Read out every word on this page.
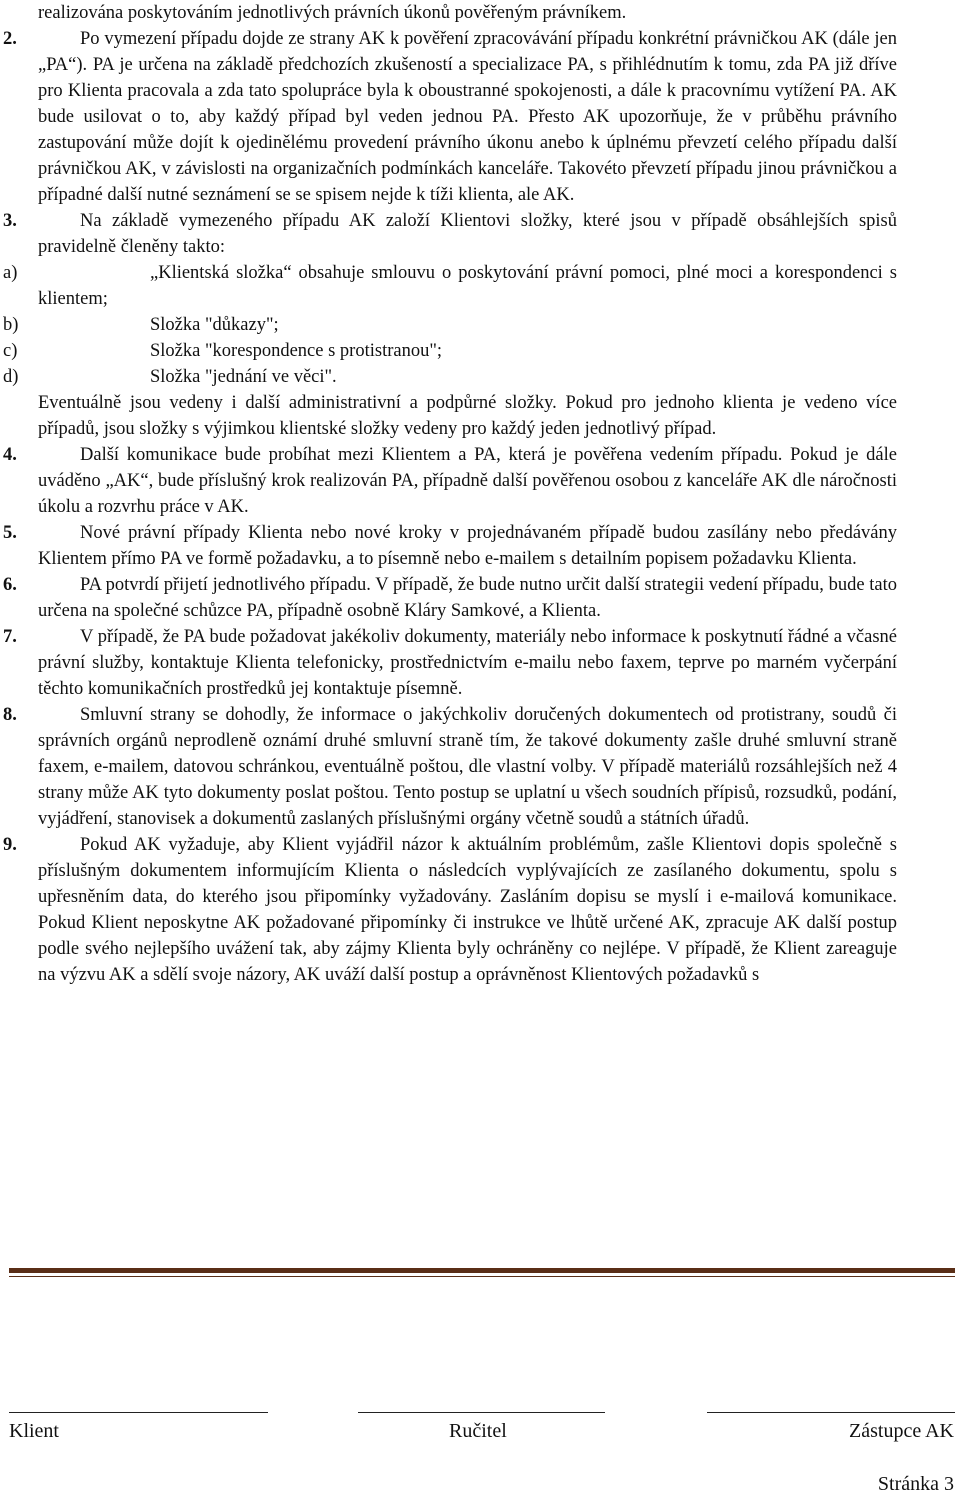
realizována poskytováním jednotlivých právních úkonů pověřeným právníkem.
2.	Po vymezení případu dojde ze strany AK k pověření zpracovávání případu konkrétní právničkou AK (dále jen „PA“). PA je určena na základě předchozích zkušeností a specializace PA, s přihlédnutím k tomu, zda PA již dříve pro Klienta pracovala a zda tato spolupráce byla k oboustranné spokojenosti, a dále k pracovnímu vytížení PA. AK bude usilovat o to, aby každý případ byl veden jednou PA. Přesto AK upozorňuje, že v průběhu právního zastupování může dojít k ojedinělému provedení právního úkonu anebo k úplnému převzetí celého případu další právničkou AK, v závislosti na organizačních podmínkách kanceláře. Takovéto převzetí případu jinou právničkou a případné další nutné seznámení se se spisem nejde k tíži klienta, ale AK.
3.	Na základě vymezeného případu AK založí Klientovi složky, které jsou v případě obsáhlejších spisů pravidelně členěny takto:
a)	„Klientská složka“ obsahuje smlouvu o poskytování právní pomoci, plné moci a korespondenci s klientem;
b)	Složka "důkazy";
c)	Složka "korespondence s protistranou";
d)	Složka "jednání ve věci".
Eventuálně jsou vedeny i další administrativní a podpůrné složky. Pokud pro jednoho klienta je vedeno více případů, jsou složky s výjimkou klientské složky vedeny pro každý jeden jednotlivý případ.
4.	Další komunikace bude probíhat mezi Klientem a PA, která je pověřena vedením případu. Pokud je dále uváděno „AK“, bude příslušný krok realizován PA, případně další pověřenou osobou z kanceláře AK dle náročnosti úkolu a rozvrhu práce v AK.
5.	Nové právní případy Klienta nebo nové kroky v projednávaném případě budou zasílány nebo předávány Klientem přímo PA ve formě požadavku, a to písemně nebo e-mailem s detailním popisem požadavku Klienta.
6.	PA potvrdí přijetí jednotlivého případu. V případě, že bude nutno určit další strategii vedení případu, bude tato určena na společné schůzce PA, případně osobně Kláry Samkové, a Klienta.
7.	V případě, že PA bude požadovat jakékoliv dokumenty, materiály nebo informace k poskytnutí řádné a včasné právní služby, kontaktuje Klienta telefonicky, prostřednictvím e-mailu nebo faxem, teprve po marném vyčerpání těchto komunikačních prostředků jej kontaktuje písemně.
8.	Smluvní strany se dohodly, že informace o jakýchkoliv doručených dokumentech od protistrany, soudů či správních orgánů neprodleně oznámí druhé smluvní straně tím, že takové dokumenty zašle druhé smluvní straně faxem, e-mailem, datovou schránkou, eventuálně poštou, dle vlastní volby. V případě materiálů rozsáhlejších než 4 strany může AK tyto dokumenty poslat poštou. Tento postup se uplatní u všech soudních přípisů, rozsudků, podání, vyjádření, stanovisek a dokumentů zaslaných příslušnými orgány včetně soudů a státních úřadů.
9.	Pokud AK vyžaduje, aby Klient vyjádřil názor k aktuálním problémům, zašle Klientovi dopis společně s příslušným dokumentem informujícím Klienta o následcích vyplývajících ze zasílaného dokumentu, spolu s upřesněním data, do kterého jsou připomínky vyžadovány. Zasláním dopisu se myslí i e-mailová komunikace. Pokud Klient neposkytne AK požadované připomínky či instrukce ve lhůtě určené AK, zpracuje AK další postup podle svého nejlepšího uvážení tak, aby zájmy Klienta byly ochráněny co nejlépe. V případě, že Klient zareaguje na výzvu AK a sdělí svoje názory, AK uváží další postup a oprávněnost Klientových požadavků s
Klient	Ručitel	Zástupce AK
Stránka 3
